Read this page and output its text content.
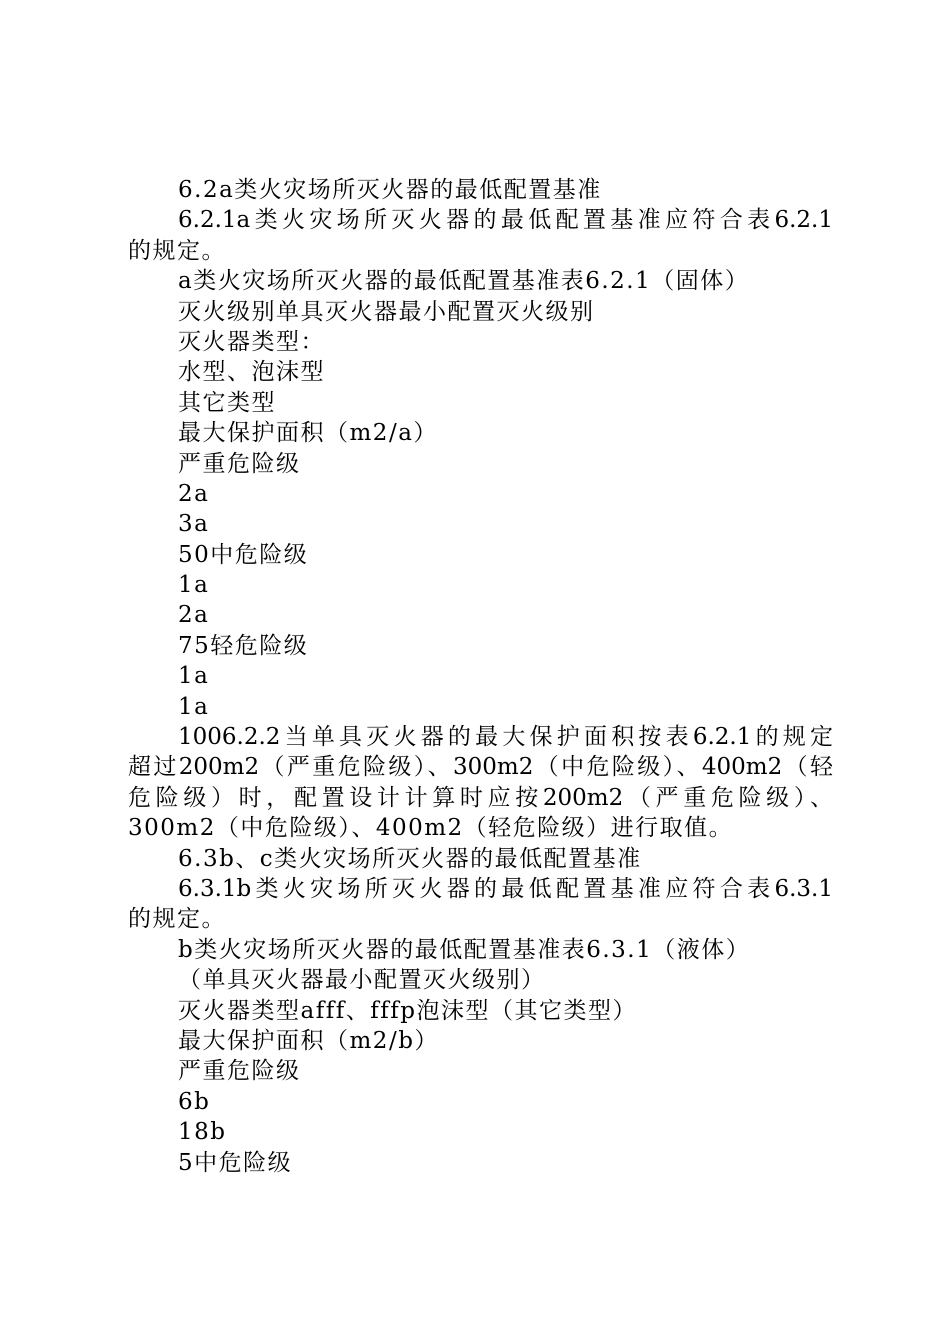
6.2a类火灾场所灭火器的最低配置基准
6.2.1a类火灾场所灭火器的最低配置基准应符合表6.2.1
的规定。
a类火灾场所灭火器的最低配置基准表6.2.1（固体）
灭火级别单具灭火器最小配置灭火级别
灭火器类型：
水型、泡沫型
其它类型
最大保护面积（m2/a）
严重危险级
2a
3a
50中危险级
1a
2a
75轻危险级
1a
1a
1006.2.2当单具灭火器的最大保护面积按表6.2.1的规定
超过200m2（严重危险级）、300m2（中危险级）、400m2（轻
危险级）时，配置设计计算时应按200m2（严重危险级）、
300m2（中危险级）、400m2（轻危险级）进行取值。
6.3b、c类火灾场所灭火器的最低配置基准
6.3.1b类火灾场所灭火器的最低配置基准应符合表6.3.1
的规定。
b类火灾场所灭火器的最低配置基准表6.3.1（液体）
（单具灭火器最小配置灭火级别）
灭火器类型afff、fffp泡沫型（其它类型）
最大保护面积（m2/b）
严重危险级
6b
18b
5中危险级
